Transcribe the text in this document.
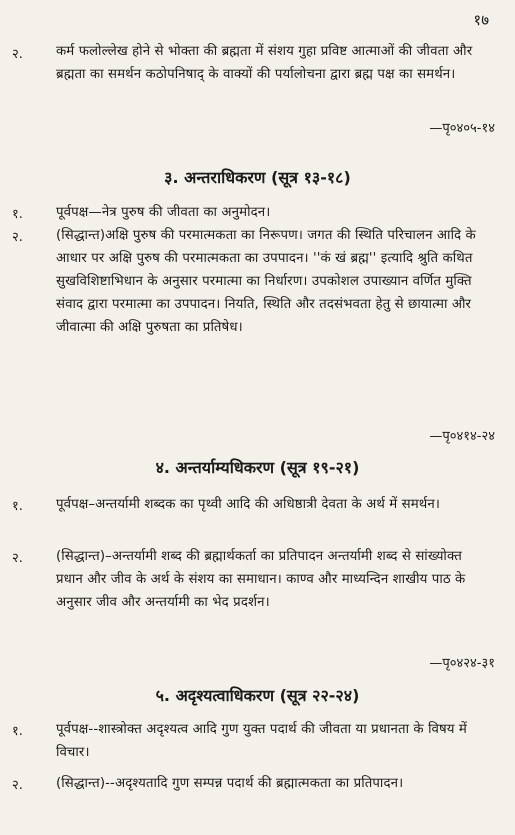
१७
२. कर्म फलोल्लेख होने से भोक्ता की ब्रह्मता में संशय गुहा प्रविष्ट आत्माओं की जीवता और ब्रह्मता का समर्थन कठोपनिषाद् के वाक्यों की पर्यालोचना द्वारा ब्रह्म पक्ष का समर्थन।
—पृ०४०५-१४
३. अन्तराधिकरण (सूत्र १३-१८)
१. पूर्वपक्ष—नेत्र पुरुष की जीवता का अनुमोदन।
२. (सिद्धान्त)अक्षि पुरुष की परमात्मकता का निरूपण। जगत की स्थिति परिचालन आदि के आधार पर अक्षि पुरुष की परमात्मकता का उपपादन। ''कं खं ब्रह्म'' इत्यादि श्रुति कथित सुखविशिष्टाभिधान के अनुसार परमात्मा का निर्धारण। उपकोशल उपाख्यान वर्णित मुक्ति संवाद द्वारा परमात्मा का उपपादन। नियति, स्थिति और तदसंभवता हेतु से छायात्मा और जीवात्मा की अक्षि पुरुषता का प्रतिषेध।
—पृ०४१४-२४
४. अन्तर्याम्यधिकरण (सूत्र १९-२१)
१. पूर्वपक्ष–अन्तर्यामी शब्दक का पृथ्वी आदि की अधिष्ठात्री देवता के अर्थ में समर्थन।
२. (सिद्धान्त)–अन्तर्यामी शब्द की ब्रह्मार्थकर्ता का प्रतिपादन अन्तर्यामी शब्द से सांख्योक्त प्रधान और जीव के अर्थ के संशय का समाधान। काण्व और माध्यन्दिन शाखीय पाठ के अनुसार जीव और अन्तर्यामी का भेद प्रदर्शन।
—पृ०४२४-३१
५. अदृश्यत्वाधिकरण (सूत्र २२-२४)
१. पूर्वपक्ष--शास्त्रोक्त अदृश्यत्व आदि गुण युक्त पदार्थ की जीवता या प्रधानता के विषय में विचार।
२. (सिद्धान्त)--अदृश्यतादि गुण सम्पन्न पदार्थ की ब्रह्मात्मकता का प्रतिपादन।
